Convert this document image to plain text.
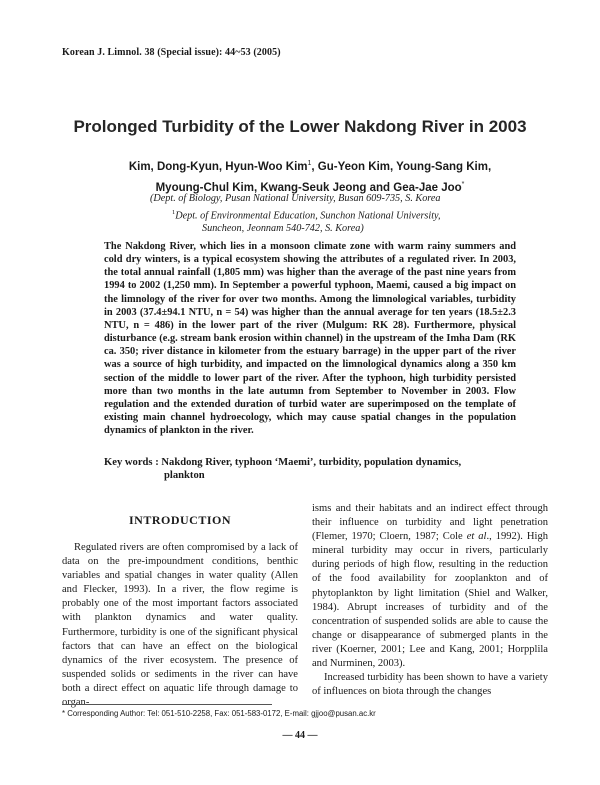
Korean J. Limnol. 38 (Special issue): 44~53 (2005)
Prolonged Turbidity of the Lower Nakdong River in 2003
Kim, Dong-Kyun, Hyun-Woo Kim$^1$, Gu-Yeon Kim, Young-Sang Kim,
Myoung-Chul Kim, Kwang-Seuk Jeong and Gea-Jae Joo*
(Dept. of Biology, Pusan National University, Busan 609-735, S. Korea
$^1$Dept. of Environmental Education, Sunchon National University,
Suncheon, Jeonnam 540-742, S. Korea)
The Nakdong River, which lies in a monsoon climate zone with warm rainy summers and cold dry winters, is a typical ecosystem showing the attributes of a regulated river. In 2003, the total annual rainfall (1,805 mm) was higher than the average of the past nine years from 1994 to 2002 (1,250 mm). In September a powerful typhoon, Maemi, caused a big impact on the limnology of the river for over two months. Among the limnological variables, turbidity in 2003 (37.4±94.1 NTU, n = 54) was higher than the annual average for ten years (18.5±2.3 NTU, n = 486) in the lower part of the river (Mulgum: RK 28). Furthermore, physical disturbance (e.g. stream bank erosion within channel) in the upstream of the Imha Dam (RK ca. 350; river distance in kilometer from the estuary barrage) in the upper part of the river was a source of high turbidity, and impacted on the limnological dynamics along a 350 km section of the middle to lower part of the river. After the typhoon, high turbidity persisted more than two months in the late autumn from September to November in 2003. Flow regulation and the extended duration of turbid water are superimposed on the template of existing main channel hydroecology, which may cause spatial changes in the population dynamics of plankton in the river.
Key words : Nakdong River, typhoon ‘Maemi’, turbidity, population dynamics,
plankton
INTRODUCTION

Regulated rivers are often compromised by a lack of data on the pre-impoundment conditions, benthic variables and spatial changes in water quality (Allen and Flecker, 1993). In a river, the flow regime is probably one of the most important factors associated with plankton dynamics and water quality. Furthermore, turbidity is one of the significant physical factors that can have an effect on the biological dynamics of the river ecosystem. The presence of suspended solids or sediments in the river can have both a direct effect on aquatic life through damage to organ-

isms and their habitats and an indirect effect through their influence on turbidity and light penetration (Flemer, 1970; Cloern, 1987; Cole et al., 1992). High mineral turbidity may occur in rivers, particularly during periods of high flow, resulting in the reduction of the food availability for zooplankton and of phytoplankton by light limitation (Shiel and Walker, 1984). Abrupt increases of turbidity and of the concentration of suspended solids are able to cause the change or disappearance of submerged plants in the river (Koerner, 2001; Lee and Kang, 2001; Horpplila and Nurminen, 2003).

Increased turbidity has been shown to have a variety of influences on biota through the changes

* Corresponding Author: Tel: 051-510-2258, Fax: 051-583-0172, E-mail: gjjoo@pusan.ac.kr
— 44 —
